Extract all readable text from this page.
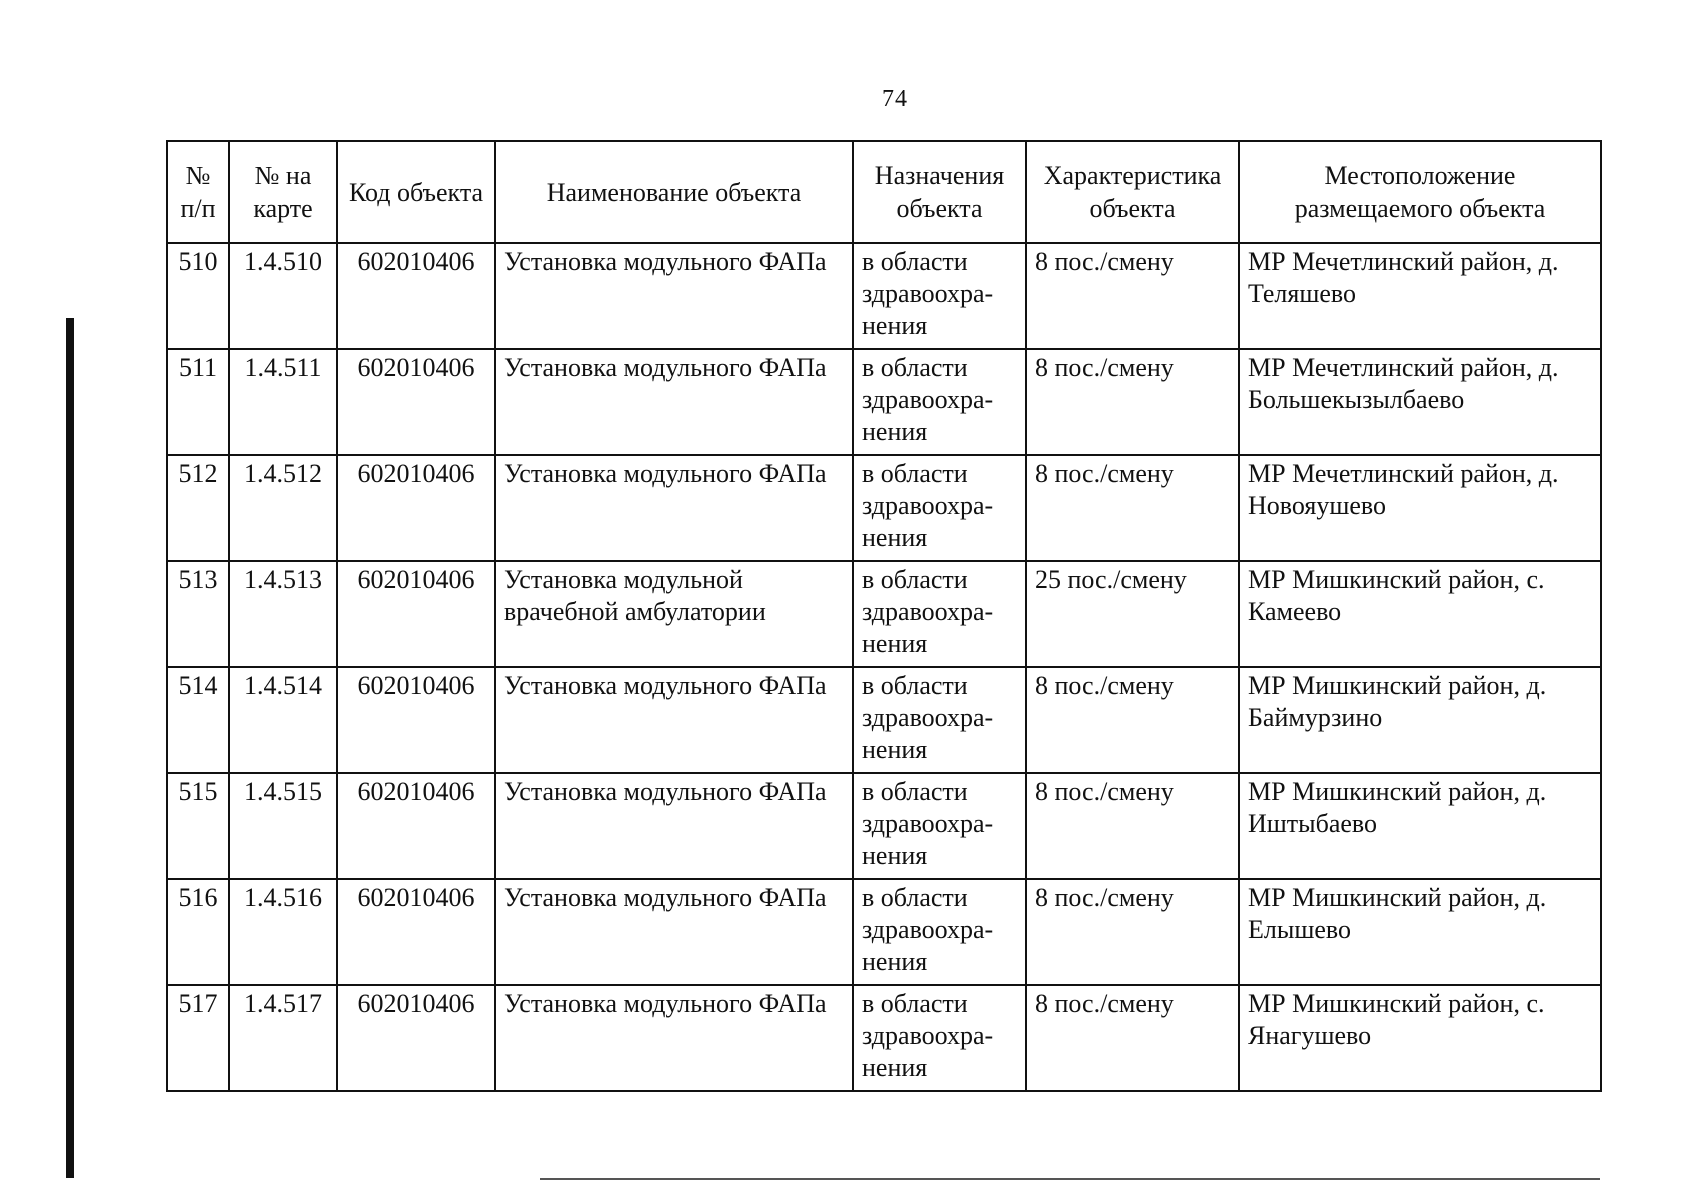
74
№ п/п	№ на карте	Код объекта	Наименование объекта	Назначения объекта	Характеристика объекта	Местоположение размещаемого объекта
510	1.4.510	602010406	Установка модульного ФАПа	в области здравоохра-нения	8 пос./смену	МР Мечетлинский район, д. Теляшево
511	1.4.511	602010406	Установка модульного ФАПа	в области здравоохра-нения	8 пос./смену	МР Мечетлинский район, д. Большекызылбаево
512	1.4.512	602010406	Установка модульного ФАПа	в области здравоохра-нения	8 пос./смену	МР Мечетлинский район, д. Новояушево
513	1.4.513	602010406	Установка модульной врачебной амбулатории	в области здравоохра-нения	25 пос./смену	МР Мишкинский район, с. Камеево
514	1.4.514	602010406	Установка модульного ФАПа	в области здравоохра-нения	8 пос./смену	МР Мишкинский район, д. Баймурзино
515	1.4.515	602010406	Установка модульного ФАПа	в области здравоохра-нения	8 пос./смену	МР Мишкинский район, д. Иштыбаево
516	1.4.516	602010406	Установка модульного ФАПа	в области здравоохра-нения	8 пос./смену	МР Мишкинский район, д. Елышево
517	1.4.517	602010406	Установка модульного ФАПа	в области здравоохра-нения	8 пос./смену	МР Мишкинский район, с. Янагушево
